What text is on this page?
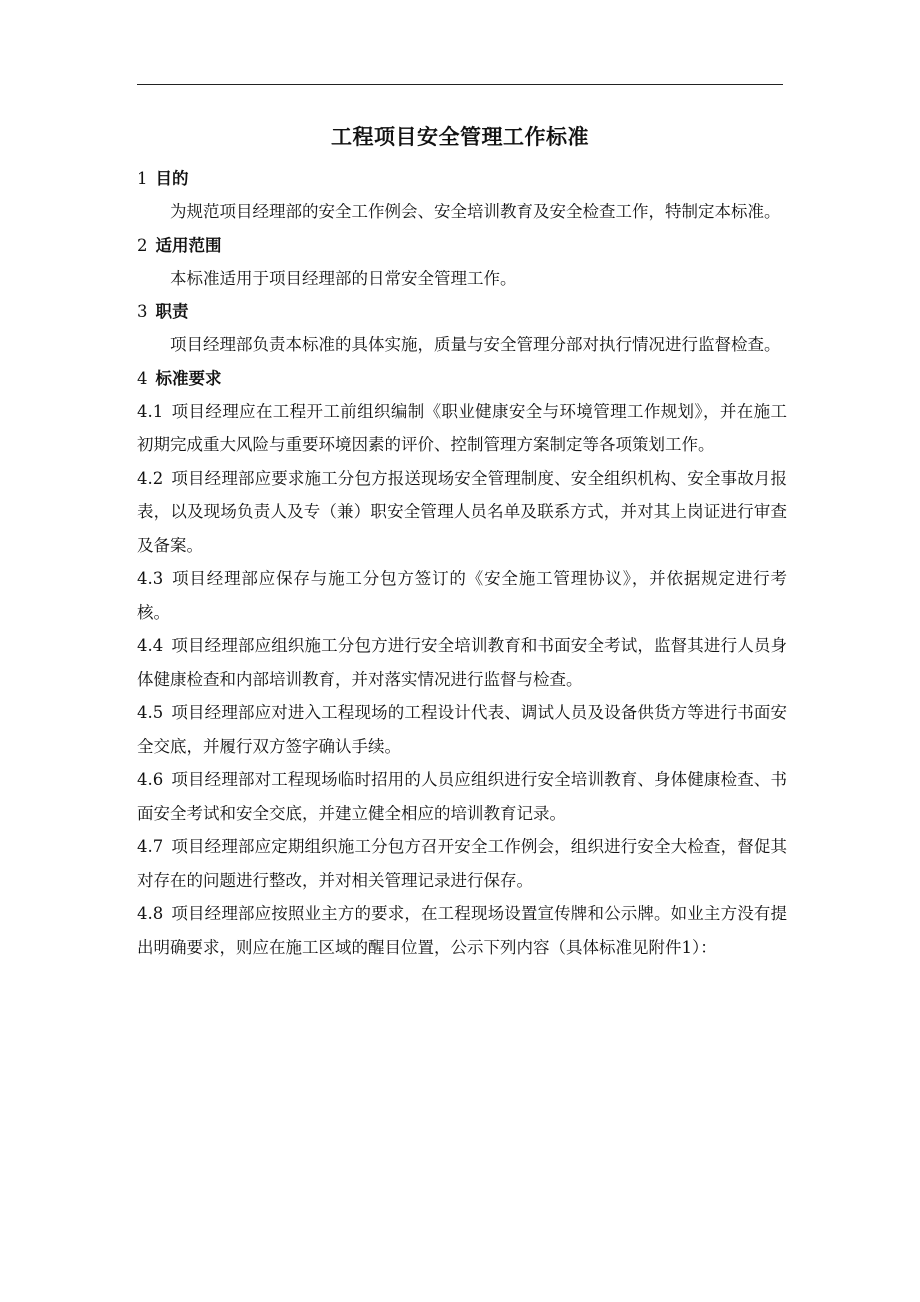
工程项目安全管理工作标准
1 目的

为规范项目经理部的安全工作例会、安全培训教育及安全检查工作，特制定本标准。

2 适用范围

本标准适用于项目经理部的日常安全管理工作。

3 职责

项目经理部负责本标准的具体实施，质量与安全管理分部对执行情况进行监督检查。

4 标准要求

4.1 项目经理应在工程开工前组织编制《职业健康安全与环境管理工作规划》，并在施工初期完成重大风险与重要环境因素的评价、控制管理方案制定等各项策划工作。

4.2 项目经理部应要求施工分包方报送现场安全管理制度、安全组织机构、安全事故月报表，以及现场负责人及专（兼）职安全管理人员名单及联系方式，并对其上岗证进行审查及备案。

4.3 项目经理部应保存与施工分包方签订的《安全施工管理协议》，并依据规定进行考核。

4.4 项目经理部应组织施工分包方进行安全培训教育和书面安全考试，监督其进行人员身体健康检查和内部培训教育，并对落实情况进行监督与检查。

4.5 项目经理部应对进入工程现场的工程设计代表、调试人员及设备供货方等进行书面安全交底，并履行双方签字确认手续。

4.6 项目经理部对工程现场临时招用的人员应组织进行安全培训教育、身体健康检查、书面安全考试和安全交底，并建立健全相应的培训教育记录。

4.7 项目经理部应定期组织施工分包方召开安全工作例会，组织进行安全大检查，督促其对存在的问题进行整改，并对相关管理记录进行保存。

4.8 项目经理部应按照业主方的要求，在工程现场设置宣传牌和公示牌。如业主方没有提出明确要求，则应在施工区域的醒目位置，公示下列内容（具体标准见附件1）：
